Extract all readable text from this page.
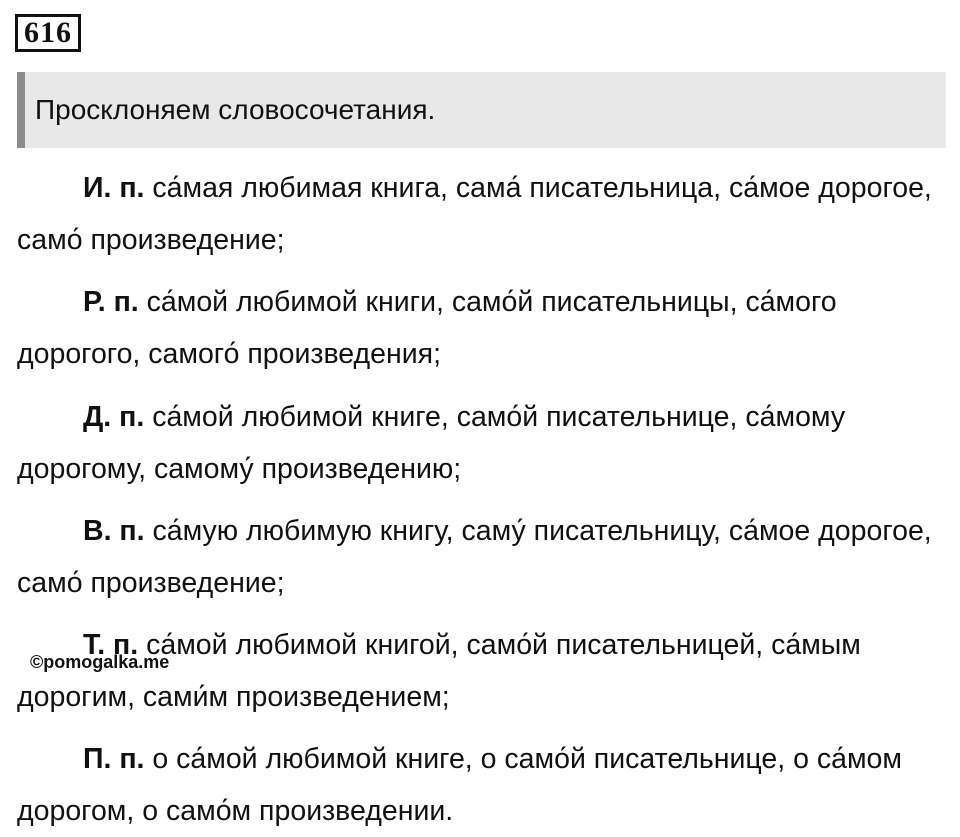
616
Просклоняем словосочетания.

И. п. са́мая любимая книга, сама́ писательница, са́мое дорогое, само́ произведение;

Р. п. са́мой любимой книги, само́й писательницы, са́мого дорогого, самого́ произведения;

Д. п. са́мой любимой книге, само́й писательнице, са́мому дорогому, самому́ произведению;

В. п. са́мую любимую книгу, саму́ писательницу, са́мое дорогое, само́ произведение;

Т. п. са́мой любимой книгой, само́й писательницей, са́мым дорогим, сами́м произведением;

П. п. о са́мой любимой книге, о само́й писательнице, о са́мом дорогом, о само́м произведении.

©pomogalka.me
